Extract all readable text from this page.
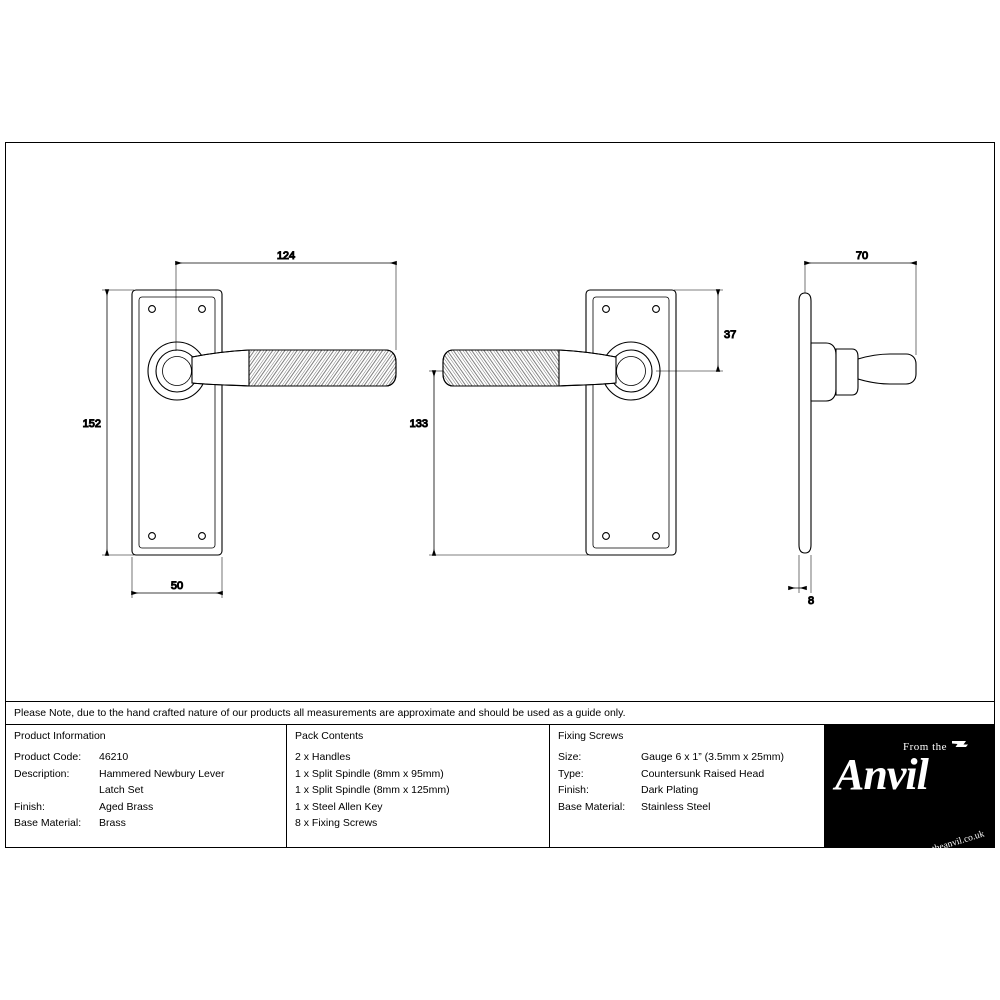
124
152
50
133
37
70
8
Please Note, due to the hand crafted nature of our products all measurements are approximate and should be used as a guide only.
Product Information
Product Code:	46210
Description:	Hammered Newbury Lever
Latch Set
Finish:	Aged Brass
Base Material:	Brass
Pack Contents
2 x Handles
1 x Split Spindle (8mm x 95mm)
1 x Split Spindle (8mm x 125mm)
1 x Steel Allen Key
8 x Fixing Screws
Fixing Screws
Size:	Gauge 6 x 1” (3.5mm x 25mm)
Type:	Countersunk Raised Head
Finish:	Dark Plating
Base Material:	Stainless Steel
From the
Anvil
www.fromtheanvil.co.uk
